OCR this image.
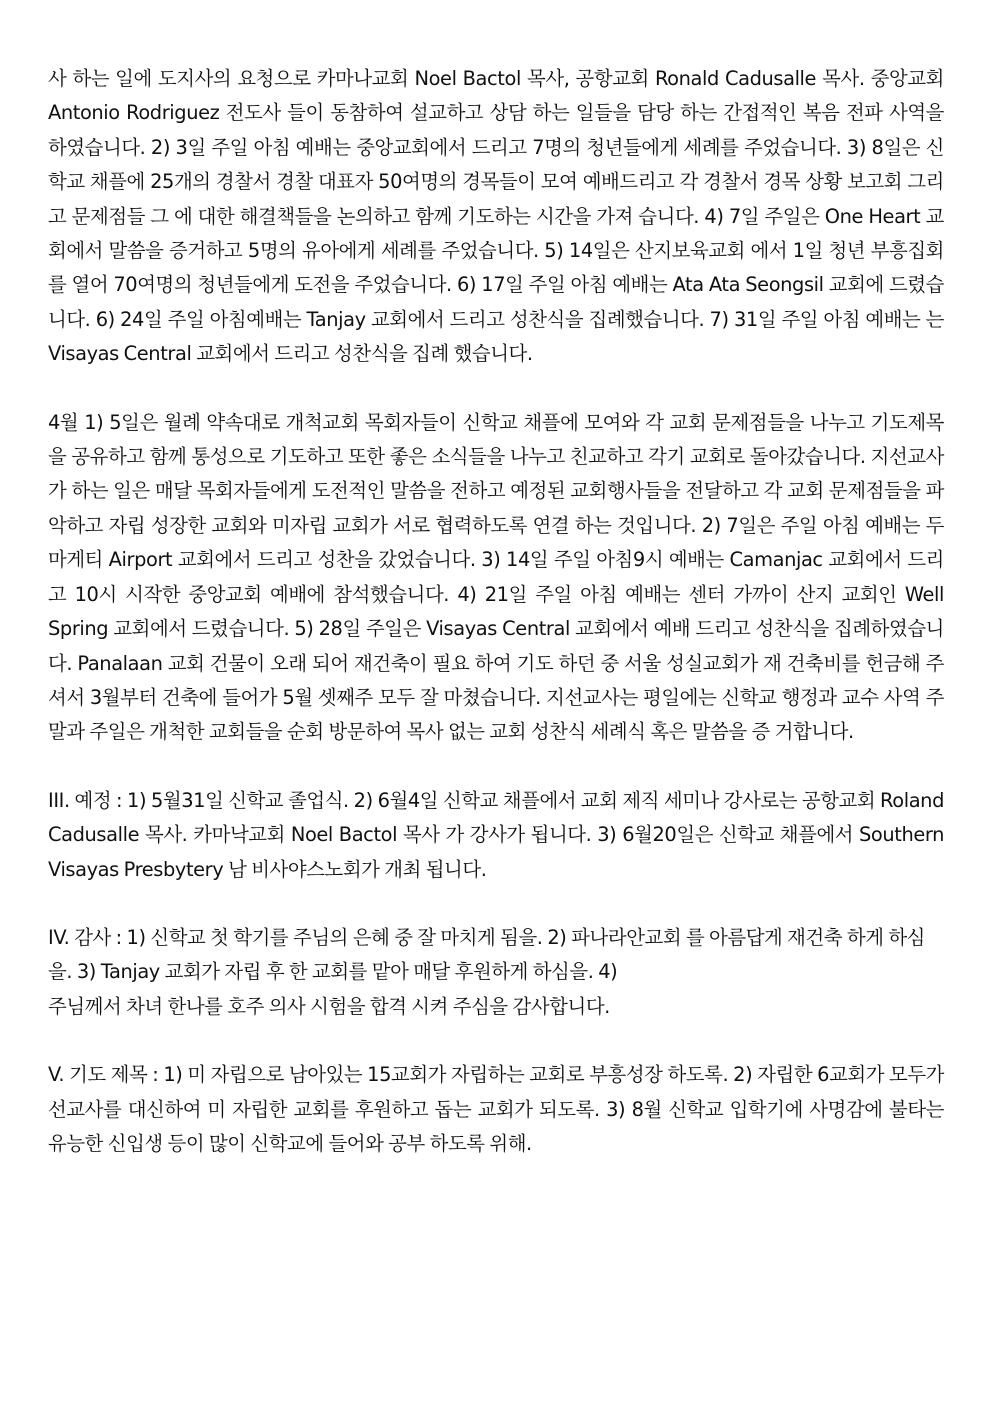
사 하는 일에 도지사의 요청으로 카마나교회 Noel Bactol 목사, 공항교회 Ronald Cadusalle 목사. 중앙교회 Antonio Rodriguez 전도사 들이 동참하여 설교하고 상담 하는 일들을 담당 하는 간접적인 복음 전파 사역을 하였습니다. 2) 3일 주일 아침 예배는 중앙교회에서 드리고 7명의 청년들에게 세례를 주었습니다. 3) 8일은 신학교 채플에 25개의 경찰서 경찰 대표자 50여명의 경목들이 모여 예배드리고 각 경찰서 경목 상황 보고회 그리고 문제점들 그 에 대한 해결책들을 논의하고 함께 기도하는 시간을 가져 습니다. 4) 7일 주일은 One Heart 교회에서 말씀을 증거하고 5명의 유아에게 세례를 주었습니다. 5) 14일은 산지보육교회 에서 1일 청년 부흥집회를 열어 70여명의 청년들에게 도전을 주었습니다. 6) 17일 주일 아침 예배는 Ata Ata Seongsil 교회에 드렸습니다. 6) 24일 주일 아침예배는 Tanjay 교회에서 드리고 성찬식을 집례했습니다. 7) 31일 주일 아침 예배는 는 Visayas Central 교회에서 드리고 성찬식을 집례 했습니다.

4월 1) 5일은 월례 약속대로 개척교회 목회자들이 신학교 채플에 모여와 각 교회 문제점들을 나누고 기도제목을 공유하고 함께 통성으로 기도하고 또한 좋은 소식들을 나누고 친교하고 각기 교회로 돌아갔습니다. 지선교사가 하는 일은 매달 목회자들에게 도전적인 말씀을 전하고 예정된 교회행사들을 전달하고 각 교회 문제점들을 파악하고 자립 성장한 교회와 미자립 교회가 서로 협력하도록 연결 하는 것입니다. 2) 7일은 주일 아침 예배는 두마게티 Airport 교회에서 드리고 성찬을 갔었습니다. 3) 14일 주일 아침9시 예배는 Camanjac 교회에서 드리고 10시 시작한 중앙교회 예배에 참석했습니다. 4) 21일 주일 아침 예배는 센터 가까이 산지 교회인 Well Spring 교회에서 드렸습니다. 5) 28일 주일은 Visayas Central 교회에서 예배 드리고 성찬식을 집례하였습니다. Panalaan 교회 건물이 오래 되어 재건축이 필요 하여 기도 하던 중 서울 성실교회가 재 건축비를 헌금해 주셔서 3월부터 건축에 들어가 5월 셋째주 모두 잘 마쳤습니다. 지선교사는 평일에는 신학교 행정과 교수 사역 주말과 주일은 개척한 교회들을 순회 방문하여 목사 없는 교회 성찬식 세례식 혹은 말씀을 증 거합니다.

III. 예정 : 1) 5월31일 신학교 졸업식. 2) 6월4일 신학교 채플에서 교회 제직 세미나 강사로는 공항교회 Roland Cadusalle 목사. 카마낙교회 Noel Bactol 목사 가 강사가 됩니다. 3) 6월20일은 신학교 채플에서 Southern Visayas Presbytery 남 비사야스노회가 개최 됩니다.

IV. 감사 : 1) 신학교 첫 학기를 주님의 은혜 중 잘 마치게 됨을. 2) 파나라안교회 를 아름답게 재건축 하게 하심을. 3) Tanjay 교회가 자립 후 한 교회를 맡아 매달 후원하게 하심을. 4)
주님께서 차녀 한나를 호주 의사 시험을 합격 시켜 주심을 감사합니다.

V. 기도 제목 : 1) 미 자립으로 남아있는 15교회가 자립하는 교회로 부흥성장 하도록. 2) 자립한 6교회가 모두가 선교사를 대신하여 미 자립한 교회를 후원하고 돕는 교회가 되도록. 3) 8월 신학교 입학기에 사명감에 불타는 유능한 신입생 등이 많이 신학교에 들어와 공부 하도록 위해.
